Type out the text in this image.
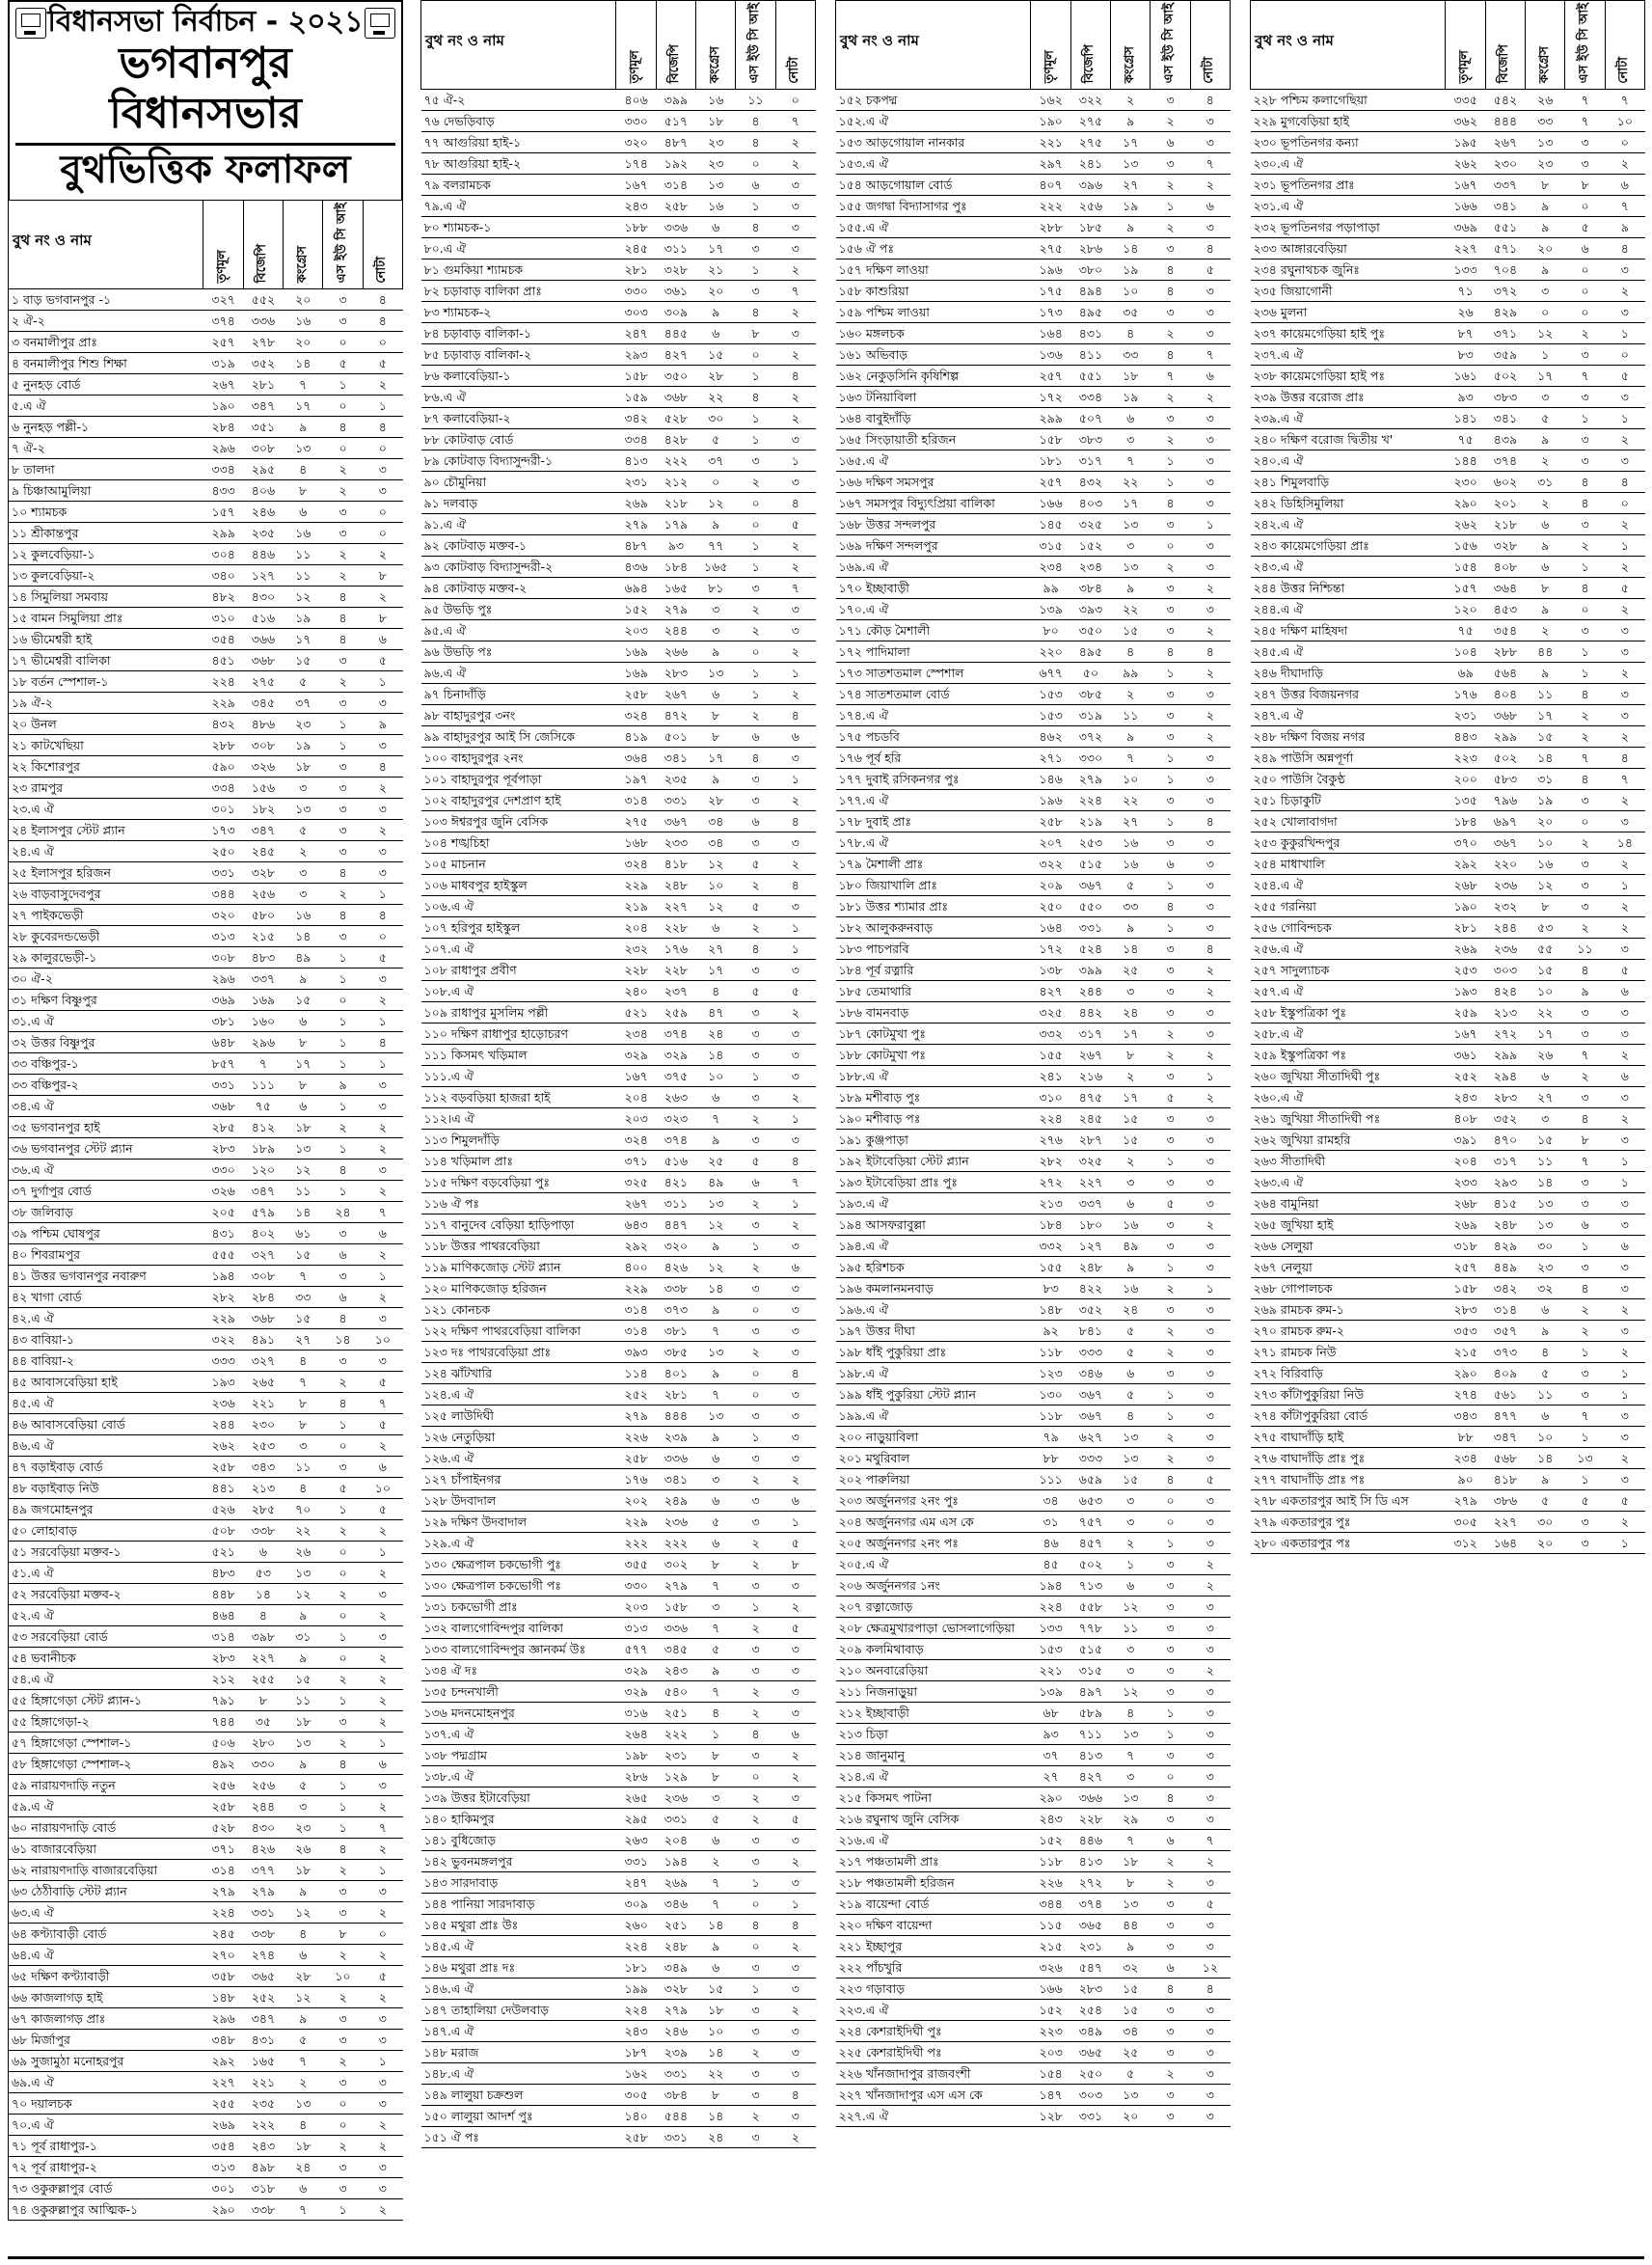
বিধানসভা নির্বাচন - ২০২১
ভগবানপুর বিধানসভার
বুথভিত্তিক ফলাফল
বুথ নং ও নাম	তৃণমূল	বিজেপি	কংগ্রেস	এস ইউ সি আই	নোটা
১ বাড় ভগবানপুর -১	৩২৭	৫৫২	২০	৩	৪
২ ঐ-২	৩৭৪	৩৩৬	১৬	৩	৪
৩ বনমালীপুর প্রাঃ	২৫৭	২৭৮	২০	০	০
৪ বনমালীপুর শিশু শিক্ষা	৩১৯	৩৫২	১৪	৫	৫
৫ নুনহড় বোর্ড	২৬৭	২৮১	৭	১	২
৫.এ ঐ	১৯০	৩৪৭	১৭	০	১
৬ নুনহড় পল্লী-১	২৮৪	৩৫১	৯	৪	৪
৭ ঐ-২	২৯৬	৩০৮	১৩	০	০
৮ তালদা	৩৩৪	২৯৫	৪	২	৩
৯ চিঞ্চাআমুলিয়া	৪৩৩	৪০৬	৮	২	৩
১০ শ্যামচক	১৫৭	২৪৬	৬	৩	০
১১ শ্রীকান্তপুর	২৯৯	২৩৫	১৬	৩	০
১২ কুলবেড়িয়া-১	৩০৪	৪৪৬	১১	২	২
১৩ কুলবেড়িয়া-২	৩৪০	১২৭	১১	২	৮
১৪ সিমুলিয়া সমবায়	৪৮২	৪৩০	১২	৪	২
১৫ বামন সিমুলিয়া প্রাঃ	৩১০	৫১৬	১৯	৪	৮
১৬ ভীমেশ্বরী হাই	৩৫৪	৩৬৬	১৭	৪	৬
১৭ ভীমেশ্বরী বালিকা	৪৫১	৩৬৮	১৫	৩	৫
১৮ বর্তন স্পেশাল-১	২২৪	২৭৫	৫	২	১
১৯ ঐ-২	২২৯	৩৪৫	৩৭	৩	৩
২০ উনল	৪৩২	৪৮৬	২৩	১	৯
২১ কাটখেছিয়া	২৮৮	৩০৮	১৯	১	৩
২২ কিশোরপুর	৫৯০	৩২৬	১৮	৩	৪
২৩ রামপুর	৩৩৪	১৫৬	৩	৩	২
২৩.এ ঐ	৩০১	১৮২	১৩	৩	৩
২৪ ইলাসপুর স্টেট প্ল্যান	১৭৩	৩৪৭	৫	৩	২
২৪.এ ঐ	২৫০	২৪৫	২	৩	৩
২৫ ইলাসপুর হরিজন	৩৩১	৩২৮	৩	৪	৩
২৬ বাড়বাসুদেবপুর	৩৪৪	২৫৬	৩	২	১
২৭ পাইকভেড়ী	৩২০	৫৮০	১৬	৪	৪
২৮ কুবেরদন্ডভেড়ী	৩১৩	২১৫	১৪	৩	০
২৯ কালুরভেড়ী-১	৩০৮	৪৮৩	৪৯	১	৫
৩০ ঐ-২	২৯৬	৩৩৭	৯	১	৩
৩১ দক্ষিণ বিষ্ণুপুর	৩৬৯	১৬৯	১৫	০	২
৩১.এ ঐ	৩৮১	১৬০	৬	১	১
৩২ উত্তর বিষ্ণুপুর	৬৪৮	২৯৬	৮	১	৪
৩৩ বঞ্চিপুর-১	৮৫৭	৭	১৭	১	১
৩৩ বঞ্চিপুর-২	৩৩১	১১১	৮	৯	৩
৩৪.এ ঐ	৩৬৮	৭৫	৬	১	৩
৩৫ ভগবানপুর হাই	২৮৫	৪১২	১৮	২	২
৩৬ ভগবানপুর স্টেট প্ল্যান	২৮৩	১৮৯	১৩	১	২
৩৬.এ ঐ	৩৩০	১২০	১২	৪	৩
৩৭ দুর্গাপুর বোর্ড	৩২৬	৩৪৭	১১	১	২
৩৮ জলিবাড়	২০৫	৫৭৯	১৪	২৪	৭
৩৯ পশ্চিম ঘোষপুর	৪৩১	৪০২	৬১	৩	৬
৪০ শিবরামপুর	৫৫৫	৩২৭	১৫	৬	২
৪১ উত্তর ভগবানপুর নবারুণ	১৯৪	৩০৮	৭	৩	১
৪২ খাগা বোর্ড	২৮২	২৮৪	৩৩	৬	২
৪২.এ ঐ	২২৯	৩৬৮	১৫	৪	৩
৪৩ বাবিয়া-১	৩২২	৪৯১	২৭	১৪	১০
৪৪ বাবিয়া-২	৩৩৩	৩২৭	৪	৩	৩
৪৫ আবাসবেড়িয়া হাই	১৯৩	২৬৫	৭	২	৫
৪৫.এ ঐ	২৩৬	২২১	৮	৪	৭
৪৬ আবাসবেড়িয়া বোর্ড	২৪৪	২৩০	৮	১	৫
৪৬.এ ঐ	২৬২	২৫৩	৩	০	২
৪৭ বড়াইবাড় বোর্ড	২৫৮	৩৪৩	১১	৩	৬
৪৮ বড়াইবাড় নিউ	৪৪১	২১৩	৪	৫	১০
৪৯ জগমোহনপুর	৫২৬	২৮৫	৭০	১	৫
৫০ লোহাবাড়	৫০৮	৩৩৮	২২	২	২
৫১ সরবেড়িয়া মক্তব-১	৫২১	৬	২৬	০	১
৫১.এ ঐ	৪৮৩	৫৩	১৩	০	২
৫২ সরবেড়িয়া মক্তব-২	৪৪৮	১৪	১২	২	৩
৫২.এ ঐ	৪৬৪	৪	৯	০	২
৫৩ সরবেড়িয়া বোর্ড	৩১৪	৩৯৮	৩১	১	৩
৫৪ ভবানীচক	২৮৩	২২৭	৯	০	২
৫৪.এ ঐ	২১২	২৫৫	১৫	২	২
৫৫ হিঙ্গাগেড়া স্টেট প্ল্যান-১	৭৯১	৮	১১	১	২
৫৫ হিঙ্গাগেড়া-২	৭৪৪	৩৫	১৮	৩	২
৫৭ হিঙ্গাগেড়া স্পেশাল-১	৫০৬	২৮০	১৩	২	১
৫৮ হিঙ্গাগেড়া স্পেশাল-২	৪৯২	৩৩০	৯	৪	৬
৫৯ নারায়ণদাড়ি নতুন	২৫৬	২৫৬	৫	১	৩
৫৯.এ ঐ	২৫৮	২৪৪	৩	১	২
৬০ নারায়ণদাড়ি বোর্ড	৫২৮	৪৩০	২৩	১	৭
৬১ বাজারবেড়িয়া	৩৭১	৪২৬	২৬	৪	২
৬২ নারায়ণদাড়ি বাজারবেড়িয়া	৩১৪	৩৭৭	১৮	২	১
৬৩ ঠেঠীবাড়ি স্টেট প্ল্যান	২৭৯	২৭৯	৯	৩	৩
৬৩.এ ঐ	২২৪	৩৩১	১২	৩	২
৬৪ কণ্ট্যাবাড়ী বোর্ড	২৪৫	৩৩৮	৪	৮	০
৬৪.এ ঐ	২৭০	২৭৪	৬	২	২
৬৫ দক্ষিণ কণ্ট্যাবাড়ী	৩৫৮	৩৬৫	২৮	১০	৫
৬৬ কাজলাগড় হাই	১৪৮	২৫২	১২	২	২
৬৭ কাজলাগড় প্রাঃ	২৯৬	৩৪৭	৯	৩	৩
৬৮ মির্জাপুর	৩৪৮	৪৩১	৫	৩	৩
৬৯ সুজামুঠা মনোহরপুর	২৯২	১৬৫	৭	২	১
৬৯.এ ঐ	২২৭	২২১	২	৩	৩
৭০ দয়ালচক	২৫৫	২৩৫	১৩	০	৩
৭০.এ ঐ	২৬৯	২২২	৪	০	২
৭১ পূর্ব রাধাপুর-১	৩৫৪	২৪৩	১৮	২	২
৭২ পূর্ব রাধাপুর-২	৩১৩	৪৯৮	২৪	৩	৩
৭৩ ওকুরুল্লাপুর বোর্ড	৩০১	৩১৮	৬	৩	৩
৭৪ ওকুরুল্লাপুর আত্মিক-১	২৯০	৩৩৮	৭	১	২
বুথ নং ও নাম	তৃণমূল	বিজেপি	কংগ্রেস	এস ইউ সি আই	নোটা
৭৫ ঐ-২	৪০৬	৩৯৯	১৬	১১	০
৭৬ দেভড়িবাড়	৩৩০	৫১৭	১৮	৪	৭
৭৭ আগুরিয়া হাই-১	৩২০	৪৮৭	২৩	৪	২
৭৮ আগুরিয়া হাই-২	১৭৪	১৯২	২৩	০	২
৭৯ বলরামচক	১৬৭	৩১৪	১৩	৬	৩
৭৯.এ ঐ	২৪৩	২৫৮	১৬	১	৩
৮০ শ্যামচক-১	১৮৮	৩৩৬	৬	৪	৩
৮০.এ ঐ	২৪৫	৩১১	১৭	৩	৩
৮১ গুমকিয়া শ্যামচক	২৮১	৩২৮	২১	১	২
৮২ চড়াবাড় বালিকা প্রাঃ	৩৩০	৩৬১	২০	৩	৭
৮৩ শ্যামচক-২	৩০৩	৩০৯	৯	৪	২
৮৪ চড়াবাড় বালিকা-১	২৪৭	৪৪৫	৬	৮	৩
৮৫ চড়াবাড় বালিকা-২	২৯৩	৪২৭	১৫	০	২
৮৬ কলাবেড়িয়া-১	১৫৮	৩৫০	২৮	১	৪
৮৬.এ ঐ	১৫৯	৩৬৮	২২	৪	২
৮৭ কলাবেড়িয়া-২	৩৪২	৫২৮	৩০	১	২
৮৮ কোটবাড় বোর্ড	৩৩৪	৪২৮	৫	১	৩
৮৯ কোটবাড় বিদ্যাসুন্দরী-১	৪১৩	২২২	৩৭	৩	১
৯০ চৌমুনিয়া	২৩১	২১২	০	২	৩
৯১ দলবাড়	২৬৯	২১৮	১২	০	৪
৯১.এ ঐ	২৭৯	১৭৯	৯	০	৫
৯২ কোটবাড় মক্তব-১	৪৮৭	৯৩	৭৭	১	২
৯৩ কোটবাড় বিদ্যাসুন্দরী-২	৪৩৬	১৮৪	১৬৫	১	২
৯৪ কোটবাড় মক্তব-২	৬৯৪	১৬৫	৮১	৩	৭
৯৫ উভড়ি পুঃ	১৫২	২৭৯	৩	২	৩
৯৫.এ ঐ	২০৩	২৪৪	৩	২	৩
৯৬ উভড়ি পঃ	১৬৯	২৬৬	৯	০	২
৯৬.এ ঐ	১৬৯	২৮৩	১৩	১	১
৯৭ চিনাদাঁড়ি	২৫৮	২৬৭	৬	১	২
৯৮ বাহাদুরপুর ৩নং	৩২৪	৪৭২	৮	২	৪
৯৯ বাহাদুরপুর আই সি জেসিকে	৪১৯	৫০১	৮	৬	৬
১০০ বাহাদুরপুর ২নং	৩৬৪	৩৪১	১৭	৪	৩
১০১ বাহাদুরপুর পূর্বপাড়া	১৯৭	২৩৫	৯	৩	১
১০২ বাহাদুরপুর দেশপ্রাণ হাই	৩১৪	৩৩১	২৮	৩	২
১০৩ ঈশ্বরপুর জুনি বেসিক	২৭৫	৩৬৭	৩৪	৬	৪
১০৪ শঙ্খচিহা	১৬৮	২৩৩	৩৪	৩	৩
১০৫ মাচনান	৩২৪	৪১৮	১২	৫	২
১০৬ মাধবপুর হাইস্কুল	২২৯	২৪৮	১০	২	৪
১০৬.এ ঐ	২১৯	২২৭	১২	৫	৩
১০৭ হরিপুর হাইস্কুল	২০৪	২২৮	৬	২	১
১০৭.এ ঐ	২৩২	১৭৬	২৭	৪	১
১০৮ রাধাপুর প্রবীণ	২২৮	২২৮	১৭	৩	৩
১০৮.এ ঐ	২৪০	২৩৭	৪	৫	৫
১০৯ রাধাপুর মুসলিম পল্লী	৫২১	২৫৯	৪৭	৩	২
১১০ দক্ষিণ রাধাপুর হাড়োচরণ	২৩৪	৩৭৪	২৪	৩	৩
১১১ কিসমৎ খড়িমাল	৩২৯	৩২৯	১৪	৩	৩
১১১.এ ঐ	১৬৭	৩৭৫	১০	১	৩
১১২ বড়বড়িয়া হাজরা হাই	২০৪	২৬৩	৬	৩	২
১১২।এ ঐ	২০৩	৩২৩	৭	২	১
১১৩ শিমুলদাঁড়ি	৩২৪	৩৭৪	৯	৩	৩
১১৪ খড়িমাল প্রাঃ	৩৭১	৫১৬	২৫	৫	৪
১১৫ দক্ষিণ বড়বেড়িয়া পুঃ	৩২৫	৪২১	৪৯	৬	৭
১১৬ ঐ পঃ	২৬৭	৩১১	১৩	২	১
১১৭ বানুদেব বেড়িয়া হাড়িপাড়া	৬৪৩	৪৪৭	১২	৩	২
১১৮ উত্তর পাথরবেড়িয়া	২৯২	৩২০	৯	১	৩
১১৯ মাণিকজোড় স্টেট প্ল্যান	৪০০	৪২৬	১২	২	৬
১২০ মাণিকজোড় হরিজন	২২৯	৩৩৮	১৪	৩	৩
১২১ কোনচক	৩১৪	৩৭৩	৯	০	৩
১২২ দক্ষিণ পাথরবেড়িয়া বালিকা	৩১৪	৩৮১	৭	৩	৩
১২৩ দঃ পাথরবেড়িয়া প্রাঃ	৩৯৩	৩৮৫	১৩	২	৩
১২৪ ঝাঁটখারি	১১৪	৪০১	৯	০	৪
১২৪.এ ঐ	২৫২	২৮১	৭	০	৩
১২৫ লাউদিঘী	২৭৯	৪৪৪	১৩	৩	৩
১২৬ নেতুড়িয়া	২২৬	২৩৯	৯	১	৩
১২৬.এ ঐ	২৫৮	৩৩৬	৬	৩	৩
১২৭ চাঁপাইনগর	১৭৬	৩৪১	৩	২	২
১২৮ উদবাদাল	২০২	২৪৯	৬	৩	৬
১২৯ দক্ষিণ উদবাদাল	২২৯	২৩৬	৫	৩	১
১২৯.এ ঐ	২২২	২২২	৬	২	৫
১৩০ ক্ষেত্রপাল চকভোগী পুঃ	৩৫৫	৩০২	৮	২	৮
১৩০ ক্ষেত্রপাল চকভোগী পঃ	৩৩০	২৭৯	৭	৩	৩
১৩১ চকভোগী প্রাঃ	২০৩	১৫৮	৩	১	২
১৩২ বাল্যগোবিন্দপুর বালিকা	৩১৩	৩৩৬	৭	২	৫
১৩৩ বাল্যগোবিন্দপুর জ্ঞানকর্ম উঃ	৫৭৭	৩৪৫	৫	৩	৩
১৩৪ ঐ দঃ	৩২৯	২৪৩	৯	৩	৩
১৩৫ চন্দনখালী	৩২৯	৫৪০	৭	২	৩
১৩৬ মদনমোহনপুর	৩১৬	২৫১	৪	২	৩
১৩৭.এ ঐ	২৬৪	২২২	১	৪	৬
১৩৮ পদ্মগ্রাম	১৯৮	২৩১	৮	৩	২
১৩৮.এ ঐ	২৮৬	১২৯	৮	০	২
১৩৯ উত্তর ইটাবেড়িয়া	২৬৫	২৩৬	৩	২	৩
১৪০ হাকিমপুর	২৯৫	৩৩১	৫	২	৫
১৪১ বুধিজোড়	২৬৩	২০৪	৬	৩	৩
১৪২ ভুবনমঙ্গলপুর	৩৩১	১৯৪	২	৩	২
১৪৩ সারদাবাড়	২৪৭	২৬৯	৭	১	৩
১৪৪ পানিয়া সারদাবাড়	৩০৯	৩৪৬	৭	০	১
১৪৫ মথুরা প্রাঃ উঃ	২৬০	২৫১	১৪	৪	৪
১৪৫.এ ঐ	২২৪	২৪৮	৯	০	২
১৪৬ মথুরা প্রাঃ দঃ	১৮১	৩৪৯	৬	৩	৩
১৪৬.এ ঐ	১৯৯	৩২৮	১৫	১	৩
১৪৭ তাহালিয়া দেউলবাড়	২২৪	২৭৯	১৮	৩	২
১৪৭.এ ঐ	২৪৩	২৪৬	১০	৩	৩
১৪৮ মরাজ	১৮৭	২৩৯	১৪	২	৩
১৪৮.এ ঐ	১৬২	৩৩১	২২	৩	৩
১৪৯ লালুয়া চক্রশুল	৩০৫	৩৮৪	৮	৩	৪
১৫০ লালুয়া আদর্শ পুঃ	১৪০	৫৪৪	১৪	২	৩
১৫১ ঐ পঃ	২৫৮	৩৩১	২৪	৩	২
বুথ নং ও নাম	তৃণমূল	বিজেপি	কংগ্রেস	এস ইউ সি আই	নোটা
১৫২ চকপদ্ম	১৬২	৩২২	২	৩	৪
১৫২.এ ঐ	১৯০	২৭৫	৯	২	৩
১৫৩ আড়গোয়াল নানকার	২২১	২৭৫	১৭	৬	৩
১৫৩.এ ঐ	২৯৭	২৪১	১৩	৩	৭
১৫৪ আড়গোয়াল বোর্ড	৪০৭	৩৯৬	২৭	২	২
১৫৫ জগদ্বা বিদ্যাসাগর পুঃ	২২২	২৫৬	১৯	১	৬
১৫৫.এ ঐ	২৮৮	১৮৫	৯	২	৩
১৫৬ ঐ পঃ	২৭৫	২৮৬	১৪	৩	৪
১৫৭ দক্ষিণ লাওয়া	১৯৬	৩৮০	১৯	৪	৫
১৫৮ কাশুরিয়া	১৭৫	৪৯৪	১০	৪	৩
১৫৯ পশ্চিম লাওয়া	১৭৩	৪৯৫	৩৫	৩	৩
১৬০ মঙ্গলচক	১৬৪	৪৩১	৪	২	৩
১৬১ অভিবাড়	১৩৬	৪১১	৩৩	৪	৭
১৬২ নেকুড়সিনি কৃষিশিল্প	২৫৭	৫৫১	১৮	৭	৬
১৬৩ টনিয়াবিলা	১৭২	৩৩৪	১৯	২	২
১৬৪ বাবুইদাঁড়ি	২৯৯	৫০৭	৬	৩	৩
১৬৫ সিংড়ায়াতী হরিজন	১৫৮	৩৮৩	৩	২	৩
১৬৫.এ ঐ	১৮১	৩১৭	৭	১	৩
১৬৬ দক্ষিণ সমসপুর	২৫৭	৪৩২	২২	১	৩
১৬৭ সমসপুর বিদ্যুৎপ্রিয়া বালিকা	১৬৬	৪০৩	১৭	৪	৩
১৬৮ উত্তর সন্দলপুর	১৪৫	৩২৫	১৩	৩	১
১৬৯ দক্ষিণ সন্দলপুর	৩১৫	১৫২	৩	০	৩
১৬৯.এ ঐ	২৩৪	২৩৪	১৩	২	৩
১৭০ ইচ্ছাবাড়ী	৯৯	৩৮৪	৯	৩	২
১৭০.এ ঐ	১৩৯	৩৯৩	২২	৩	৩
১৭১ কৌড় মৈশালী	৮০	৩৫০	১৫	৩	২
১৭২ পাদিমালা	২২০	৪৯৫	৪	৪	৪
১৭৩ সাতশতমাল স্পেশাল	৬৭৭	৫০	৯৯	১	২
১৭৪ সাতশতমাল বোর্ড	১৫৩	৩৮৫	২	৩	৩
১৭৪.এ ঐ	১৫৩	৩১৯	১১	৩	২
১৭৫ পচডবি	৪৬২	৩৭২	৯	৩	২
১৭৬ পূর্ব হরি	২৭১	৩৩০	৭	১	৩
১৭৭ দুবাই রসিকনগর পুঃ	১৪৬	২৭৯	১০	১	৩
১৭৭.এ ঐ	১৯৬	২২৪	২২	৩	৩
১৭৮ দুবাই প্রাঃ	২৫৮	২১৯	২৭	১	৪
১৭৮.এ ঐ	২০৭	২৫৩	১৬	৩	৩
১৭৯ মৈশালী প্রাঃ	৩২২	৫১৫	১৬	৬	৩
১৮০ জিয়াখালি প্রাঃ	২০৯	৩৬৭	৫	১	৩
১৮১ উত্তর শ্যামার প্রাঃ	২৫০	৫৫০	৩৩	৪	৩
১৮২ আলুকরুনবাড়	১৬৪	৩৩১	৯	১	৩
১৮৩ পাচপরবি	১৭২	৫২৪	১৪	৩	৪
১৮৪ পূর্ব রত্নারি	১৩৮	৩৯৯	২৫	৩	২
১৮৫ তেমাথারি	৪২৭	২৪৪	৩	৩	২
১৮৬ বামনবাড়	৩২৫	৪৪২	২৪	৩	৩
১৮৭ কোটমুখা পুঃ	৩৩২	৩১৭	১৭	২	৩
১৮৮ কোটমুখা পঃ	১৫৫	২৬৭	৮	২	২
১৮৮.এ ঐ	২৪১	২১৬	২	৩	১
১৮৯ মশীবাড় পুঃ	৩১০	৪৭৫	১৭	৫	২
১৯০ মশীবাড় পঃ	২২৪	২৪৫	১৫	৩	৩
১৯১ কুঞ্জপাড়া	২৭৬	২৮৭	১৫	৩	৩
১৯২ ইটাবেড়িয়া স্টেট প্ল্যান	২৮২	৩২৫	২	১	৩
১৯৩ ইটাবেড়িয়া প্রাঃ পুঃ	২৭২	২২৭	৩	৩	৩
১৯৩.এ ঐ	২১৩	৩৩৭	৬	৫	৩
১৯৪ আসফরাবুল্লা	১৮৪	১৮০	১৬	৩	২
১৯৪.এ ঐ	৩৩২	১২৭	৪৯	৩	৩
১৯৫ হরিশচক	১৫৫	২৪৮	৯	১	৩
১৯৬ কমলানমনবাড়	৮৩	৪২২	১৬	২	১
১৯৬.এ ঐ	১৪৮	৩৫২	২৪	৩	৩
১৯৭ উত্তর দীঘা	৯২	৮৪১	৫	২	৩
১৯৮ ধাঁই পুকুরিয়া প্রাঃ	১১৮	৩৩৩	৫	২	৩
১৯৮.এ ঐ	১২৩	৩৪৬	৬	৩	৩
১৯৯ ধাঁই পুকুরিয়া স্টেট প্ল্যান	১৩০	৩৬৭	৫	১	৩
১৯৯.এ ঐ	১১৮	৩৬৭	৪	১	৩
২০০ নাড়ুয়াবিলা	৭৯	৬২৭	১৩	২	৩
২০১ মথুরিবাল	৮৮	৩৩৩	১৩	২	৩
২০২ পারুলিয়া	১১১	৬৫৯	১৫	৪	৫
২০৩ অর্জুননগর ২নং পুঃ	৩৪	৬৫৩	৩	০	৩
২০৪ অর্জুননগর এম এস কে	৩১	৭৫৭	৩	০	৩
২০৫ অর্জুননগর ২নং পঃ	৪৬	৪৫৭	২	১	৩
২০৫.এ ঐ	৪৫	৫০২	১	৩	২
২০৬ অর্জুননগর ১নং	১৯৪	৭১৩	৬	৩	২
২০৭ রত্নাজোড়	২২৪	৫৫৮	১২	৩	৩
২০৮ ক্ষেত্রমুখারপাড়া ভোসলাগেড়িয়া	১৩৩	৭৭৮	১১	৩	৩
২০৯ কলমিথাবাড়	১৫৩	৫১৫	৩	৩	৩
২১০ অনবারেড়িয়া	২২১	৩১৫	৩	৩	২
২১১ নিজনাড়ুয়া	১৩৯	৪৯৭	১২	৩	৩
২১২ ইচ্ছাবাড়ী	৬৮	৫৮৯	৪	১	৩
২১৩ চিড়া	৯৩	৭১১	১৩	১	৩
২১৪ জানুমানু	৩৭	৪১৩	৭	৩	৩
২১৪.এ ঐ	২৭	৪২৭	৩	০	৩
২১৫ কিসমৎ পাটনা	২৯০	৩৬৬	১৩	৪	৩
২১৬ রঘুনাথ জুনি বেসিক	২৪৩	২২৮	২৯	৩	৩
২১৬.এ ঐ	১৫২	৪৪৬	৭	৬	৭
২১৭ পঞ্চতামলী প্রাঃ	১১৮	৪১৩	১৮	২	২
২১৮ পঞ্চতামলী হরিজন	২২৬	২৭২	৮	২	৩
২১৯ বায়েন্দা বোর্ড	৩৪৪	৩৭৪	১৩	৩	৫
২২০ দক্ষিণ বায়েন্দা	১১৫	৩৬৫	৪৪	৩	৩
২২১ ইচ্ছাপুর	২১৫	২৩১	৯	৩	৩
২২২ পাঁচখুরি	৩২৬	৫৪৭	৩২	৬	১২
২২৩ গড়াবাড়	১৬৬	২৮৩	১৫	৪	৪
২২৩.এ ঐ	১৫২	২৫৪	১৫	৩	৩
২২৪ কেশরাইদিঘী পুঃ	২২৩	৩৪৯	৩৪	৩	৩
২২৫ কেশরাইদিঘী পঃ	২০৩	৩৬৫	২৫	৩	৩
২২৬ খাঁনজাদাপুর রাজবংশী	১৫৪	২৫০	৫	২	৩
২২৭ খাঁনজাদাপুর এস এস কে	১৪৭	৩০৩	১৩	৩	৩
২২৭.এ ঐ	১২৮	৩৩১	২০	৩	৩
বুথ নং ও নাম	তৃণমূল	বিজেপি	কংগ্রেস	এস ইউ সি আই	নোটা
২২৮ পশ্চিম কলাগেছিয়া	৩৩৫	৫৪২	২৬	৭	৭
২২৯ মুগবেড়িয়া হাই	৩৬২	৪৪৪	৩৩	৭	১০
২৩০ ভূপতিনগর কন্যা	১৯৫	২৬৭	১৩	৩	০
২৩০.এ ঐ	২৬২	২৩০	২৩	৩	২
২৩১ ভূপতিনগর প্রাঃ	১৬৭	৩৩৭	৮	৮	৬
২৩১.এ ঐ	১৬৬	৩৪১	৯	০	৭
২৩২ ভূপতিনগর পড়াপাড়া	৩৬৯	৫৫১	৯	৫	৯
২৩৩ আঙ্গারবেড়িয়া	২২৭	৫৭১	২০	৬	৪
২৩৪ রঘুনাথচক জুনিঃ	১৩৩	৭০৪	৯	০	৩
২৩৫ জিয়াগোনী	৭১	৩৭২	৩	০	২
২৩৬ মুলনা	২৬	৪২৯	০	০	৩
২৩৭ কায়েমগেড়িয়া হাই পুঃ	৮৭	৩৭১	১২	২	১
২৩৭.এ ঐ	৮৩	৩৫৯	১	৩	০
২৩৮ কায়েমগেড়িয়া হাই পঃ	১৬১	৫০২	১৭	৭	৫
২৩৯ উত্তর বরোজ প্রাঃ	৯৩	৩৮৩	৩	৩	৩
২৩৯.এ ঐ	১৪১	৩৪১	৫	১	১
২৪০ দক্ষিণ বরোজ দ্বিতীয় খ'	৭৫	৪৩৯	৯	৩	২
২৪০.এ ঐ	১৪৪	৩৭৪	২	৩	৩
২৪১ শিমুলবাড়ি	২৩০	৬০২	৩১	৪	৪
২৪২ ডিহিসিমুলিয়া	২৯০	২০১	২	৪	০
২৪২.এ ঐ	২৬২	২১৮	৬	৩	২
২৪৩ কায়েমগেড়িয়া প্রাঃ	১৫৬	৩২৮	৯	২	১
২৪৩.এ ঐ	১৫৪	৪০৮	৬	১	২
২৪৪ উত্তর নিশ্চিন্তা	১৫৭	৩৬৪	৮	৪	৫
২৪৪.এ ঐ	১২০	৪৫৩	৯	০	২
২৪৫ দক্ষিণ মাহিষদা	৭৫	৩৫৪	২	৩	৩
২৪৫.এ ঐ	১০৪	২৮৮	৪৪	১	৩
২৪৬ দীঘাদাড়ি	৬৯	৫৬৪	৯	১	২
২৪৭ উত্তর বিজয়নগর	১৭৬	৪০৪	১১	৪	৩
২৪৭.এ ঐ	২৩১	৩৬৮	১৭	২	৩
২৪৮ দক্ষিণ বিজয় নগর	৪৪৩	২৯৯	১৫	২	২
২৪৯ পাউসি অন্নপূর্ণা	২২৩	৫০২	১৪	৭	৪
২৫০ পাউসি বৈকুণ্ঠ	২০০	৫৮৩	৩১	৪	৭
২৫১ চিড়াকুটি	১৩৫	৭৯৬	১৯	৩	২
২৫২ খোলাবাগদা	১৮৪	৬৯৭	২০	০	৩
২৫৩ কুকুরখিন্দপুর	৩৭০	৩৬৭	১০	২	১৪
২৫৪ মাধাখালি	২৯২	২২০	১৬	৩	২
২৫৪.এ ঐ	২৬৮	২৩৬	১২	৩	১
২৫৫ গরনিয়া	১৯০	২৩২	৮	৩	২
২৫৬ গোবিন্দচক	২৮১	২৪৪	৫৩	২	২
২৫৬.এ ঐ	২৬৯	২৩৬	৫৫	১১	৩
২৫৭ সাদুল্যাচক	২৫৩	৩০৩	১৫	৪	৫
২৫৭.এ ঐ	১৯৩	৪২৪	১০	৯	৬
২৫৮ ইস্কুপত্রিকা পুঃ	২৫৯	২১৩	২২	৩	৩
২৫৮.এ ঐ	১৬৭	২৭২	১৭	৩	৩
২৫৯ ইস্কুপত্রিকা পঃ	৩৬১	২৯৯	২৬	৭	২
২৬০ জুখিয়া সীতাদিঘী পুঃ	২৫২	২৯৪	৬	২	৬
২৬০.এ ঐ	২৪৩	২৮৩	২৭	৩	৩
২৬১ জুখিয়া সীতাদিঘী পঃ	৪০৮	৩৫২	৩	৪	২
২৬২ জুখিয়া রামহরি	৩৯১	৪৭০	১৫	৮	৩
২৬৩ সীতাদিঘী	২০৪	৩১৭	১১	৭	১
২৬৩.এ ঐ	২৩৩	২৯৩	১৪	৩	১
২৬৪ বামুনিয়া	২৬৮	৪১৫	১৩	৩	৩
২৬৫ জুখিয়া হাই	২৬৯	২৪৮	১৩	৬	৩
২৬৬ সেলুয়া	৩১৮	৪২৯	৩০	১	৬
২৬৭ নেলুয়া	২৫৭	৪৪৯	২৩	৩	৩
২৬৮ গোপালচক	১৫৮	৩৪২	৩২	৪	৩
২৬৯ রামচক রুম-১	২৮৩	৩১৪	৬	২	২
২৭০ রামচক রুম-২	৩৫৩	৩৫৭	৯	২	৩
২৭১ রামচক নিউ	২১৫	৩৭৩	৪	১	২
২৭২ বিরিবাড়ি	২৯০	৪০৯	৫	৩	১
২৭৩ কাঁটাপুকুরিয়া নিউ	২৭৪	৫৬১	১১	৩	১
২৭৪ কাঁটাপুকুরিয়া বোর্ড	৩৪৩	৪৭৭	৬	৭	৩
২৭৫ বাঘাদাঁড়ি হাই	৮৮	৩৪৭	১০	১	৩
২৭৬ বাঘাদাঁড়ি প্রাঃ পুঃ	২৩৪	৫৬৮	১৪	১৩	২
২৭৭ বাঘাদাঁড়ি প্রাঃ পঃ	৯০	৪১৮	৯	১	৩
২৭৮ একতারপুর আই সি ডি এস	২৭৯	৩৮৬	৫	৫	৫
২৭৯ একতারপুর পুঃ	৩০৫	২২৭	৩০	৩	২
২৮০ একতারপুর পঃ	৩১২	১৬৪	২০	৩	১
